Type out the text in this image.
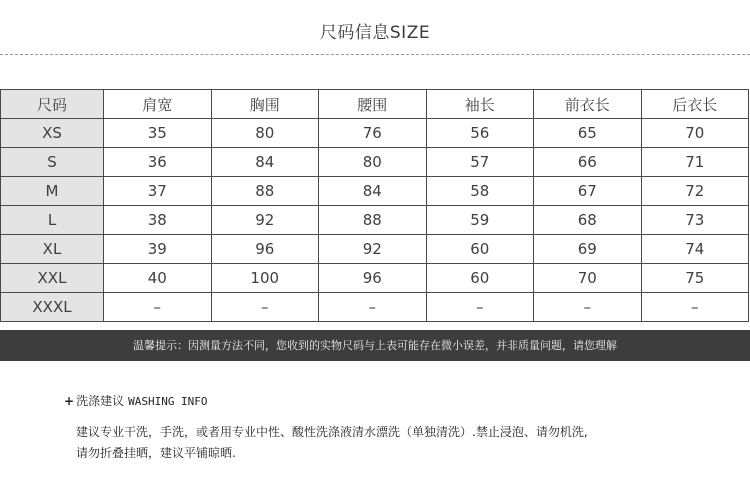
尺码信息SIZE
尺码	肩宽	胸围	腰围	袖长	前衣长	后衣长
XS	35	80	76	56	65	70
S	36	84	80	57	66	71
M	37	88	84	58	67	72
L	38	92	88	59	68	73
XL	39	96	92	60	69	74
XXL	40	100	96	60	70	75
XXXL	–	–	–	–	–	–
温馨提示：因测量方法不同，您收到的实物尺码与上表可能存在微小误差，并非质量问题，请您理解
+ 洗涤建议 WASHING INFO
建议专业干洗，手洗，或者用专业中性、酸性洗涤液清水漂洗（单独清洗）.禁止浸泡、请勿机洗,
请勿折叠挂晒，建议平铺晾晒.
